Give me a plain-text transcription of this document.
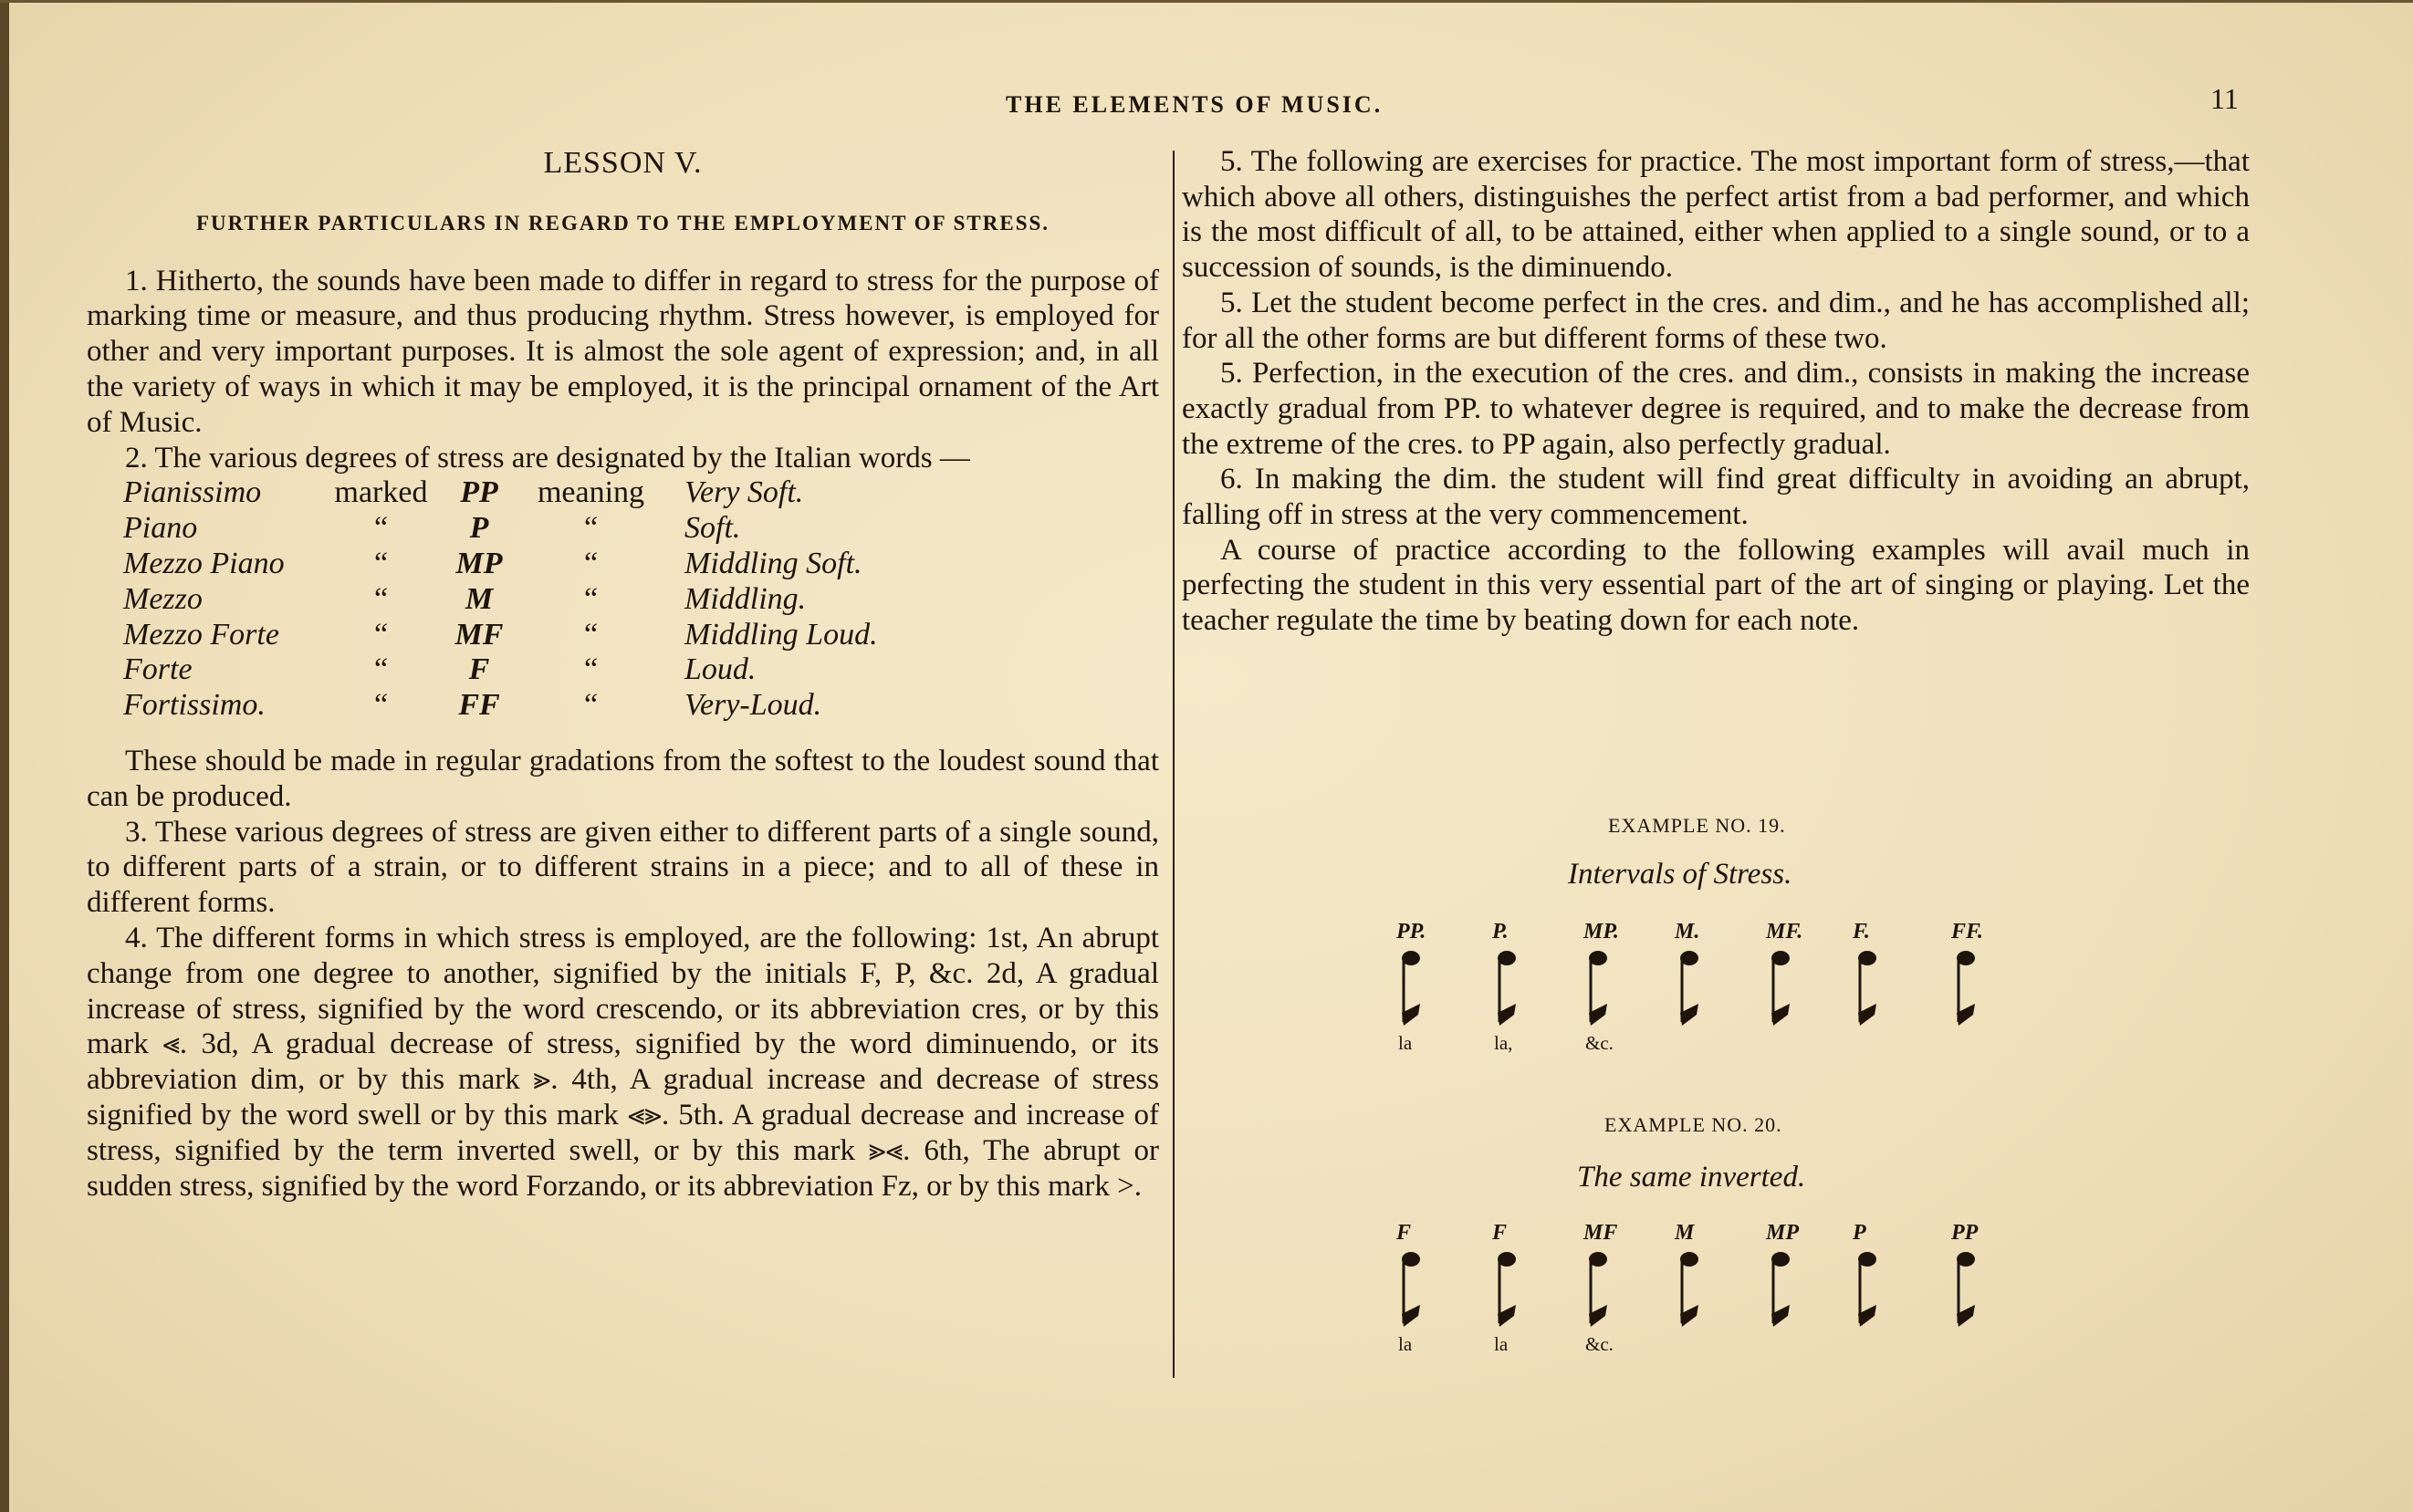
THE ELEMENTS OF MUSIC.	11
LESSON V.
FURTHER PARTICULARS IN REGARD TO THE EMPLOYMENT OF STRESS.

1. Hitherto, the sounds have been made to differ in regard to stress for the purpose of marking time or measure, and thus producing rhythm. Stress however, is employed for other and very important purposes. It is almost the sole agent of expression; and, in all the variety of ways in which it may be employed, it is the principal ornament of the Art of Music.

2. The various degrees of stress are designated by the Italian words —

Pianissimo	marked	PP	meaning	Very Soft.
Piano	“	P	“	Soft.
Mezzo Piano	“	MP	“	Middling Soft.
Mezzo	“	M	“	Middling.
Mezzo Forte	“	MF	“	Middling Loud.
Forte	“	F	“	Loud.
Fortissimo.	“	FF	“	Very-Loud.

These should be made in regular gradations from the softest to the loudest sound that can be produced.

3. These various degrees of stress are given either to different parts of a single sound, to different parts of a strain, or to different strains in a piece; and to all of these in different forms.

4. The different forms in which stress is employed, are the following: 1st, An abrupt change from one degree to another, signified by the initials F, P, &c. 2d, A gradual increase of stress, signified by the word crescendo, or its abbreviation cres, or by this mark ⪡. 3d, A gradual decrease of stress, signified by the word diminuendo, or its abbreviation dim, or by this mark ⪢. 4th, A gradual increase and decrease of stress signified by the word swell or by this mark ⪡⪢. 5th. A gradual decrease and increase of stress, signified by the term inverted swell, or by this mark ⪢⪡. 6th, The abrupt or sudden stress, signified by the word Forzando, or its abbreviation Fz, or by this mark >.

5. The following are exercises for practice. The most important form of stress,—that which above all others, distinguishes the perfect artist from a bad performer, and which is the most difficult of all, to be attained, either when applied to a single sound, or to a succession of sounds, is the diminuendo.

5. Let the student become perfect in the cres. and dim., and he has accomplished all; for all the other forms are but different forms of these two.

5. Perfection, in the execution of the cres. and dim., consists in making the increase exactly gradual from PP. to whatever degree is required, and to make the decrease from the extreme of the cres. to PP again, also perfectly gradual.

6. In making the dim. the student will find great difficulty in avoiding an abrupt, falling off in stress at the very commencement.

A course of practice according to the following examples will avail much in perfecting the student in this very essential part of the art of singing or playing. Let the teacher regulate the time by beating down for each note.

EXAMPLE NO. 19.
Intervals of Stress.
PP.	P.	MP.	M.	MF. F.	FF.
la	la,	&c.
EXAMPLE NO. 20.
The same inverted.
F	F	MF	M	MP P	PP
la	la	&c.
